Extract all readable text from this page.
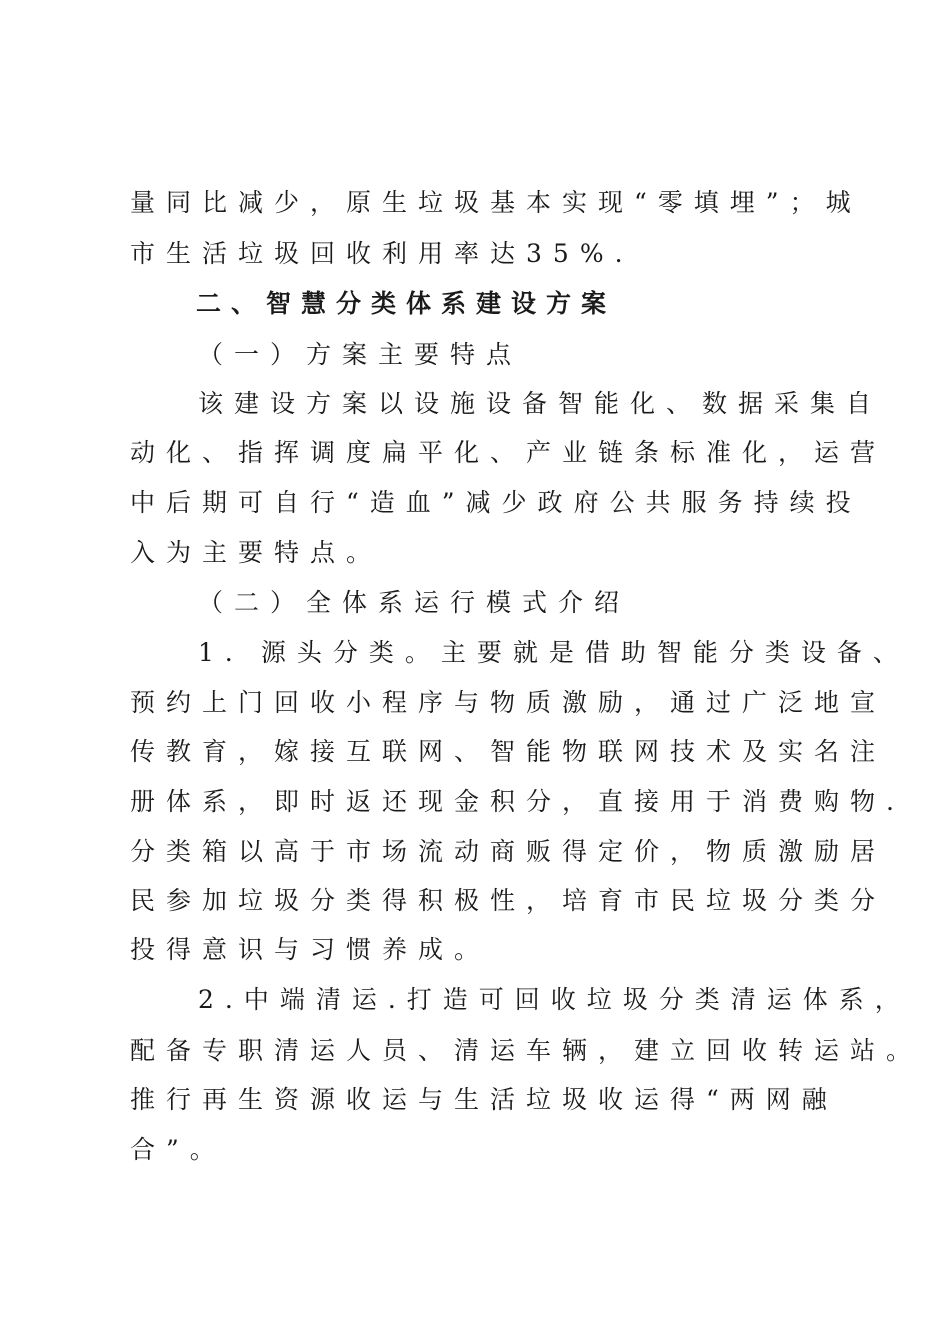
量同比减少，原生垃圾基本实现“零填埋”；城
市生活垃圾回收利用率达35%.
二、智慧分类体系建设方案
（一）方案主要特点
该建设方案以设施设备智能化、数据采集自
动化、指挥调度扁平化、产业链条标准化，运营
中后期可自行“造血”减少政府公共服务持续投
入为主要特点。
（二）全体系运行模式介绍
1．源头分类。主要就是借助智能分类设备、
预约上门回收小程序与物质激励，通过广泛地宣
传教育，嫁接互联网、智能物联网技术及实名注
册体系，即时返还现金积分，直接用于消费购物.
分类箱以高于市场流动商贩得定价，物质激励居
民参加垃圾分类得积极性，培育市民垃圾分类分
投得意识与习惯养成。
2.中端清运.打造可回收垃圾分类清运体系，
配备专职清运人员、清运车辆，建立回收转运站。
推行再生资源收运与生活垃圾收运得“两网融
合”。
